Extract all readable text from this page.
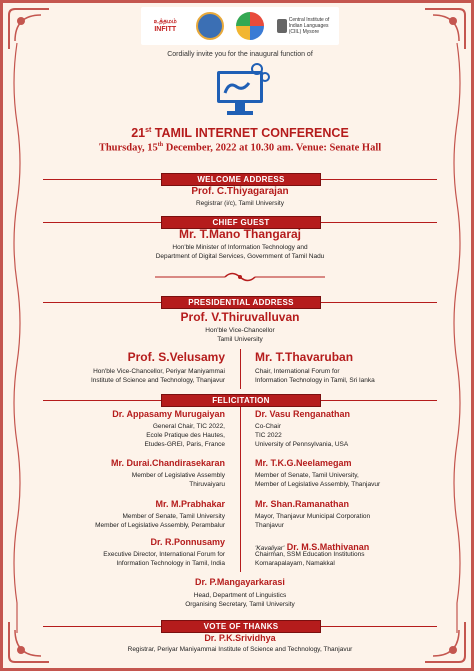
உத்தமம்
INFITT
Central Institute of
Indian Languages
(CIIL) Mysore
Cordially invite you for the inaugural function of
21st TAMIL INTERNET CONFERENCE
Thursday, 15th December, 2022 at 10.30 am. Venue: Senate Hall
WELCOME ADDRESS
Prof. C.Thiyagarajan
Registrar (i/c), Tamil University
CHIEF GUEST
Mr. T.Mano Thangaraj
Hon'ble Minister of Information Technology and
Department of Digital Services, Government of Tamil Nadu
PRESIDENTIAL ADDRESS
Prof. V.Thiruvalluvan
Hon'ble Vice-Chancellor
Tamil University
Prof. S.Velusamy
Hon'ble Vice-Chancellor, Periyar Maniyammai
Institute of Science and Technology, Thanjavur
Mr. T.Thavaruban
Chair, International Forum for
Information Technology in Tamil, Sri lanka
FELICITATION
Dr. Appasamy Murugaiyan
General Chair, TIC 2022,
Ecole Pratique des Hautes,
Etudes-GREI, Paris, France
Dr. Vasu Renganathan
Co-Chair
TIC 2022
University of Pennsylvania, USA
Mr. Durai.Chandirasekaran
Member of Legislative Assembly
Thiruvaiyaru
Mr. T.K.G.Neelamegam
Member of Senate, Tamil University,
Member of Legislative Assembly, Thanjavur
Mr. M.Prabhakar
Member of Senate, Tamil University
Member of Legislative Assembly, Perambalur
Mr. Shan.Ramanathan
Mayor, Thanjavur Municipal Corporation
Thanjavur
Dr. R.Ponnusamy
Executive Director, International Forum for
Information Technology in Tamil, India
'Kavaliyar' Dr. M.S.Mathivanan
Chairman, SSM Education Institutions
Komarapalayam, Namakkal
Dr. P.Mangayarkarasi
Head, Department of Linguistics
Organising Secretary, Tamil University
VOTE OF THANKS
Dr. P.K.Srividhya
Registrar, Periyar Maniyammai Institute of Science and Technology, Thanjavur
